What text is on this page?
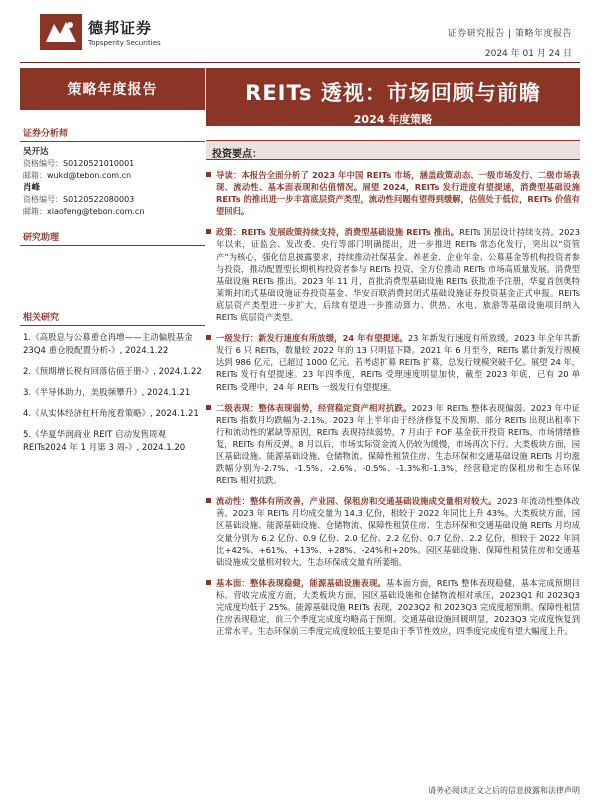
德邦证券
Topsperity Securities
证券研究报告 | 策略年度报告
2024 年 01 月 24 日
策略年度报告	REITs 透视：市场回顾与前瞻
2024 年度策略
证券分析师
吴开达
资格编号：S0120521010001
邮箱：wukd@tebon.com.cn
肖峰
资格编号：S0120522080003
邮箱：xiaofeng@tebon.com.cn
研究助理
相关研究
1.《高股息与公募重仓再增——主动偏股基金 23Q4 重仓股配置分析-》, 2024.1.22
2.《预期增长税有回落估值于册-》, 2024.1.22
3.《半导体助力，美股频攀升》, 2024.1.21
4.《从实体经济杠杆角度看策略》, 2024.1.21
5.《华夏华润商业 REIT 启动发售周观 REITs2024 年 1 月第 3 周-》, 2024.1.20
投资要点：
导读：本报告全面分析了 2023 年中国 REITs 市场，涵盖政策动态、一级市场发行、二级市场表现、流动性、基本面表现和估值情况。展望 2024，REITs 发行进度有望提速，消费型基础设施 REITs 的推出进一步丰富底层资产类型，流动性问题有望得到缓解，估值处于低位，REITs 价值有望回归。
政策：REITs 发展政策持续支持，消费型基础设施 REITs 推出。REITs 顶层设计持续支持。2023 年以来，证监会、发改委、央行等部门明确提出，进一步推进 REITs 常态化发行，突出以“资管产”为核心，强化信息披露要求，持续推动社保基金、养老金、企业年金、公募基金等机构投资者参与投资，推动配置型长期机构投资者参与 REITs 投资，全方位推动 REITs 市场高质量发展。消费型基础设施 REITs 推出。2023 年 11 月，首批消费型基础设施 REITs 获批准予注册，华夏首创奥特莱斯封闭式基础设施证券投资基金、华安百联消费封闭式基础设施证券投资基金正式申报。REITs 底层资产类型进一步扩大，后续有望进一步推动算力、供热、水电、旅游等基础设施项目纳入 REITs 底层资产类型。
一级发行：新发行速度有所放缓，24 年有望提速。23 年新发行速度有所放缓，2023 年全年共新发行 6 只 REITs，数量较 2022 年的 13 只明显下降。2021 年 6 月至今，REITs 累计新发行规模达到 986 亿元，已超过 1000 亿元。若考虑扩募 REITs 扩募，总发行规模突破千亿。展望 24 年，REITs 发行有望提速。23 年四季度，REITs 受理速度明显加快，截至 2023 年底，已有 20 单 REITs 受理中，24 年 REITs 一级发行有望提速。
二级表现：整体表现弱势，经营稳定资产相对抗跌。2023 年 REITs 整体表现偏弱。2023 年中证 REITs 指数月均跌幅为-2.1%。2023 年上半年由于经济修复不及预期、部分 REITs 出现出租率下行和流动性的紧缺等原因，REITs 表现持续弱势。7 月由于 FOF 基金获开投资 REITs，市场情绪修复，REITs 有所反弹。8 月以后，市场实际资金流入仍较为缓慢，市场再次下行。大类板块方面，园区基础设施、能源基础设施、仓储物流、保障性租赁住房、生态环保和交通基础设施 REITs 月均涨跌幅分别为-2.7%、-1.5%、-2.6%、-0.5%、-1.3%和-1.3%，经营稳定的保租房和生态环保 REITs 相对抗跌。
流动性：整体有所改善，产业园、保租房和交通基础设施成交量相对较大。2023 年流动性整体改善。2023 年 REITs 月均成交量为 14.3 亿份，相较于 2022 年同比上升 43%。大类板块方面，园区基础设施、能源基础设施、仓储物流、保障性租赁住房、生态环保和交通基础设施 REITs 月均成交量分别为 6.2 亿份、0.9 亿份、2.0 亿份、2.2 亿份、0.7 亿份、2.2 亿份，相较于 2022 年同比+42%、+61%、+13%、+28%、-24%和+20%。园区基础设施、保障性租赁住房和交通基础设施成交量相对较大，生态环保成交量有所萎缩。
基本面：整体表现稳健，能源基础设施表现。基本面方面，REITs 整体表现稳健，基本完成预期目标。营收完成度方面，大类板块方面，园区基础设施和仓储物流相对承压，2023Q1 和 2023Q3 完成度均低于 25%。能源基础设施 REITs 表现，2023Q2 和 2023Q3 完成度超预期。保障性租赁住房表现稳定，前三个季度完成度均略高于预期。交通基础设施回暖明显，2023Q3 完成度恢复到正常水平。生态环保前三季度完成度较低主要是由于季节性效应，四季度完成度有望大幅度上升。
请务必阅读正文之后的信息披露和法律声明
